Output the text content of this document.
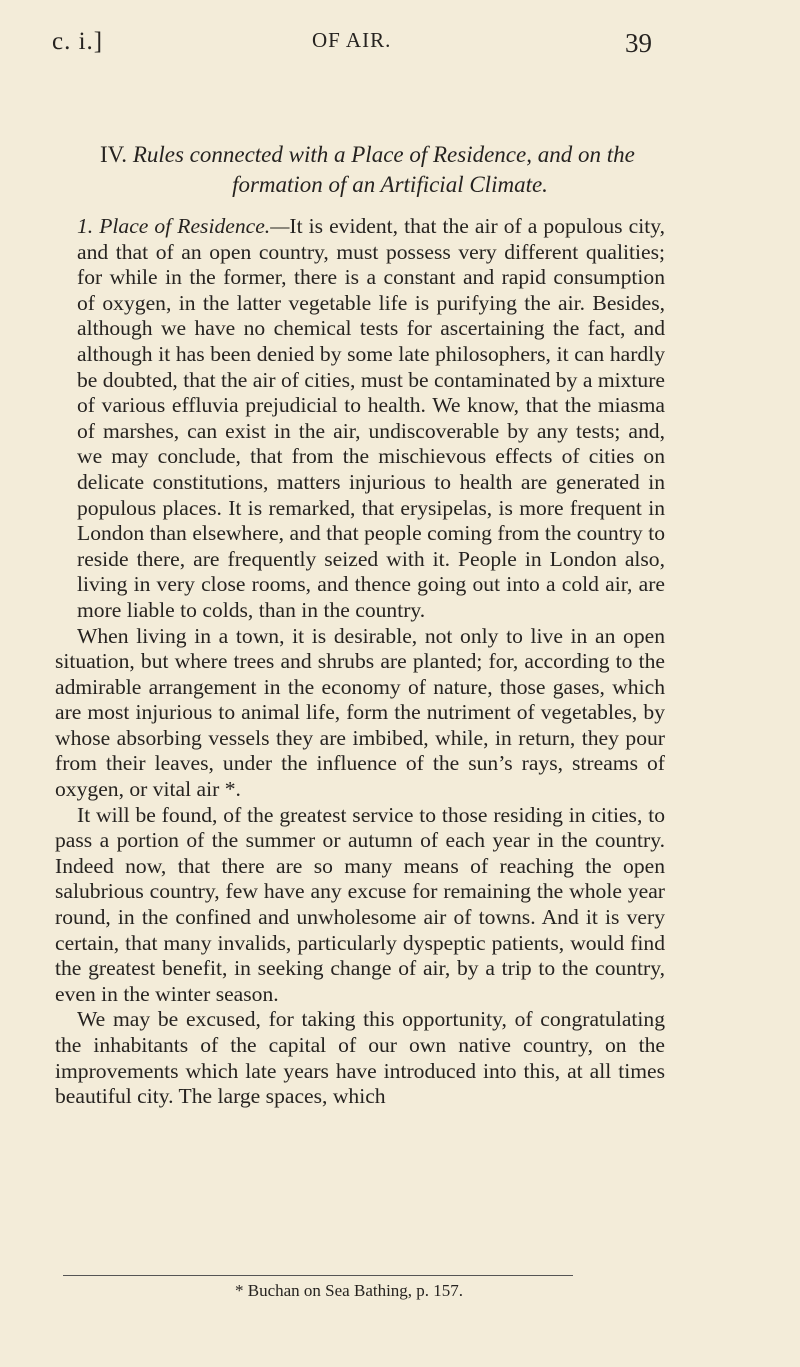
c. i.]	OF AIR.	39
IV. Rules connected with a Place of Residence, and on the
formation of an Artificial Climate.

1. Place of Residence.—It is evident, that the air of a populous city, and that of an open country, must possess very different qualities; for while in the former, there is a constant and rapid consumption of oxygen, in the latter vegetable life is purifying the air. Besides, although we have no chemical tests for ascertaining the fact, and although it has been denied by some late philosophers, it can hardly be doubted, that the air of cities, must be contaminated by a mixture of various effluvia prejudicial to health. We know, that the miasma of marshes, can exist in the air, undiscoverable by any tests; and, we may conclude, that from the mischievous effects of cities on delicate constitutions, matters injurious to health are generated in populous places. It is remarked, that erysipelas, is more frequent in London than elsewhere, and that people coming from the country to reside there, are frequently seized with it. People in London also, living in very close rooms, and thence going out into a cold air, are more liable to colds, than in the country.

When living in a town, it is desirable, not only to live in an open situation, but where trees and shrubs are planted; for, according to the admirable arrangement in the economy of nature, those gases, which are most injurious to animal life, form the nutriment of vegetables, by whose absorbing vessels they are imbibed, while, in return, they pour from their leaves, under the influence of the sun’s rays, streams of oxygen, or vital air *.

It will be found, of the greatest service to those residing in cities, to pass a portion of the summer or autumn of each year in the country. Indeed now, that there are so many means of reaching the open salubrious country, few have any excuse for remaining the whole year round, in the confined and unwholesome air of towns. And it is very certain, that many invalids, particularly dyspeptic patients, would find the greatest benefit, in seeking change of air, by a trip to the country, even in the winter season.

We may be excused, for taking this opportunity, of congratulating the inhabitants of the capital of our own native country, on the improvements which late years have introduced into this, at all times beautiful city. The large spaces, which

* Buchan on Sea Bathing, p. 157.
